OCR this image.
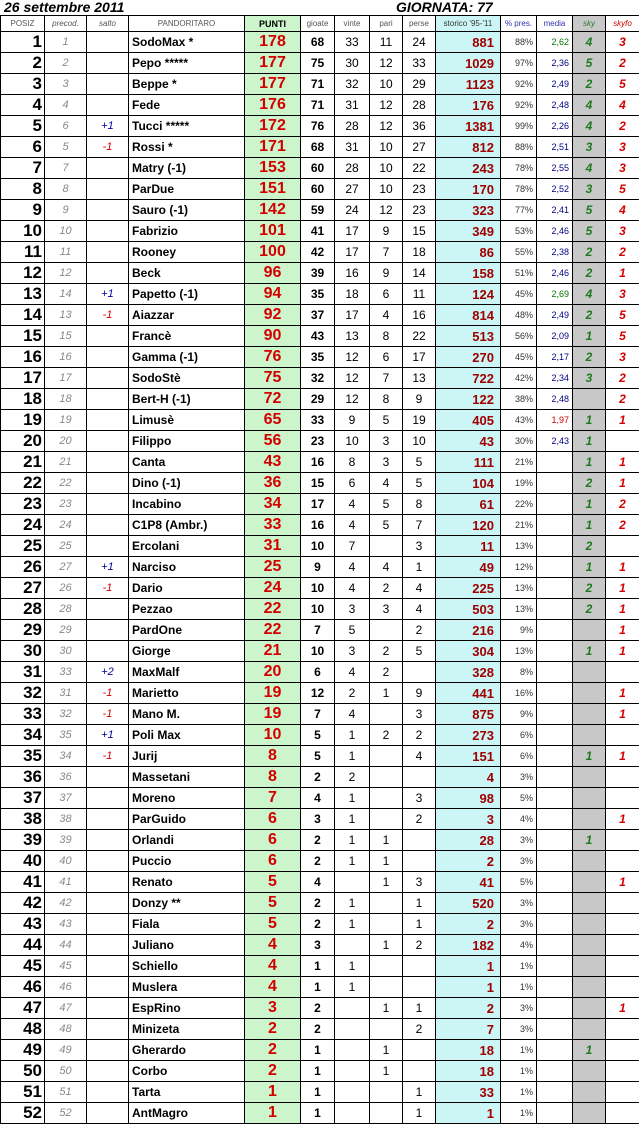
26 settembre 2011	GIORNATA: 77
POSIZ	precod.	salto	PANDORITARO	PUNTI	gioate	vinte	pari	perse	storico '95-'11	% pres.	media	sky	skyfo
1	1		SodoMax *	178	68	33	11	24	881	88%	2,62	4	3
2	2		Pepo *****	177	75	30	12	33	1029	97%	2,36	5	2
3	3		Beppe *	177	71	32	10	29	1123	92%	2,49	2	5
4	4		Fede	176	71	31	12	28	176	92%	2,48	4	4
5	6	+1	Tucci *****	172	76	28	12	36	1381	99%	2,26	4	2
6	5	-1	Rossi *	171	68	31	10	27	812	88%	2,51	3	3
7	7		Matry (-1)	153	60	28	10	22	243	78%	2,55	4	3
8	8		ParDue	151	60	27	10	23	170	78%	2,52	3	5
9	9		Sauro (-1)	142	59	24	12	23	323	77%	2,41	5	4
10	10		Fabrizio	101	41	17	9	15	349	53%	2,46	5	3
11	11		Rooney	100	42	17	7	18	86	55%	2,38	2	2
12	12		Beck	96	39	16	9	14	158	51%	2,46	2	1
13	14	+1	Papetto (-1)	94	35	18	6	11	124	45%	2,69	4	3
14	13	-1	Aiazzar	92	37	17	4	16	814	48%	2,49	2	5
15	15		Francè	90	43	13	8	22	513	56%	2,09	1	5
16	16		Gamma (-1)	76	35	12	6	17	270	45%	2,17	2	3
17	17		SodoStè	75	32	12	7	13	722	42%	2,34	3	2
18	18		Bert-H (-1)	72	29	12	8	9	122	38%	2,48		2
19	19		Limusè	65	33	9	5	19	405	43%	1,97	1	1
20	20		Filippo	56	23	10	3	10	43	30%	2,43	1	
21	21		Canta	43	16	8	3	5	111	21%		1	1
22	22		Dino (-1)	36	15	6	4	5	104	19%		2	1
23	23		Incabino	34	17	4	5	8	61	22%		1	2
24	24		C1P8 (Ambr.)	33	16	4	5	7	120	21%		1	2
25	25		Ercolani	31	10	7		3	11	13%		2	
26	27	+1	Narciso	25	9	4	4	1	49	12%		1	1
27	26	-1	Dario	24	10	4	2	4	225	13%		2	1
28	28		Pezzao	22	10	3	3	4	503	13%		2	1
29	29		PardOne	22	7	5		2	216	9%			1
30	30		Giorge	21	10	3	2	5	304	13%		1	1
31	33	+2	MaxMalf	20	6	4	2		328	8%			
32	31	-1	Marietto	19	12	2	1	9	441	16%			1
33	32	-1	Mano M.	19	7	4		3	875	9%			1
34	35	+1	Poli Max	10	5	1	2	2	273	6%			
35	34	-1	Jurij	8	5	1		4	151	6%		1	1
36	36		Massetani	8	2	2			4	3%			
37	37		Moreno	7	4	1		3	98	5%			
38	38		ParGuido	6	3	1		2	3	4%			1
39	39		Orlandi	6	2	1	1		28	3%		1	
40	40		Puccio	6	2	1	1		2	3%			
41	41		Renato	5	4		1	3	41	5%			1
42	42		Donzy **	5	2	1		1	520	3%			
43	43		Fiala	5	2	1		1	2	3%			
44	44		Juliano	4	3		1	2	182	4%			
45	45		Schiello	4	1	1			1	1%			
46	46		Muslera	4	1	1			1	1%			
47	47		EspRino	3	2		1	1	2	3%			1
48	48		Minizeta	2	2			2	7	3%			
49	49		Gherardo	2	1		1		18	1%		1	
50	50		Corbo	2	1		1		18	1%			
51	51		Tarta	1	1			1	33	1%			
52	52		AntMagro	1	1			1	1	1%			
